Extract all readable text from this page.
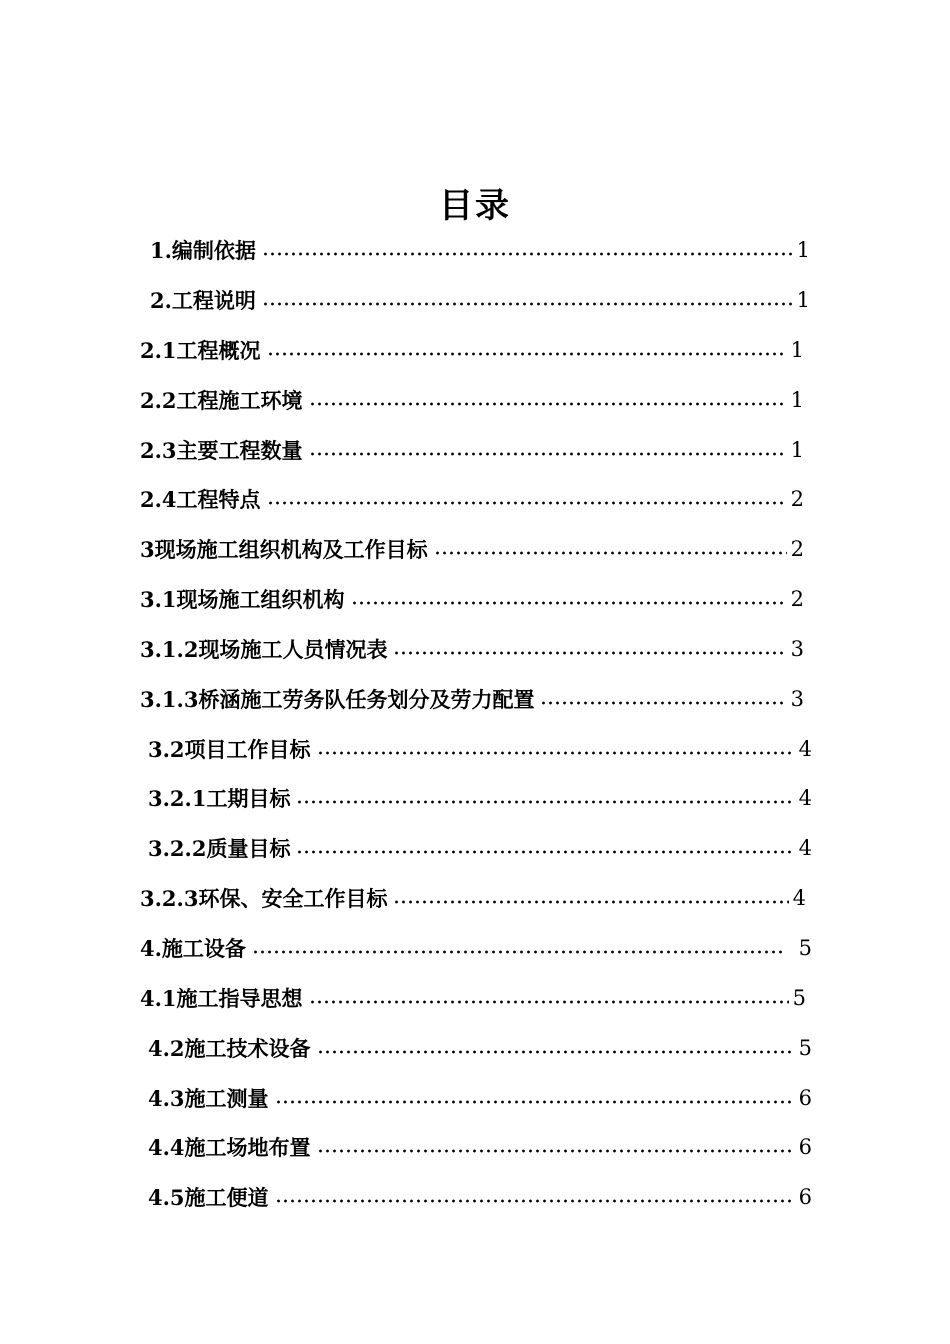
目录
1.编制依据	1
2.工程说明	1
2.1工程概况	1
2.2工程施工环境	1
2.3主要工程数量	1
2.4工程特点	2
3现场施工组织机构及工作目标	2
3.1现场施工组织机构	2
3.1.2现场施工人员情况表	3
3.1.3桥涵施工劳务队任务划分及劳力配置	3
3.2项目工作目标	4
3.2.1工期目标	4
3.2.2质量目标	4
3.2.3环保、安全工作目标	4
4.施工设备	5
4.1施工指导思想	5
4.2施工技术设备	5
4.3施工测量	6
4.4施工场地布置	6
4.5施工便道	6
